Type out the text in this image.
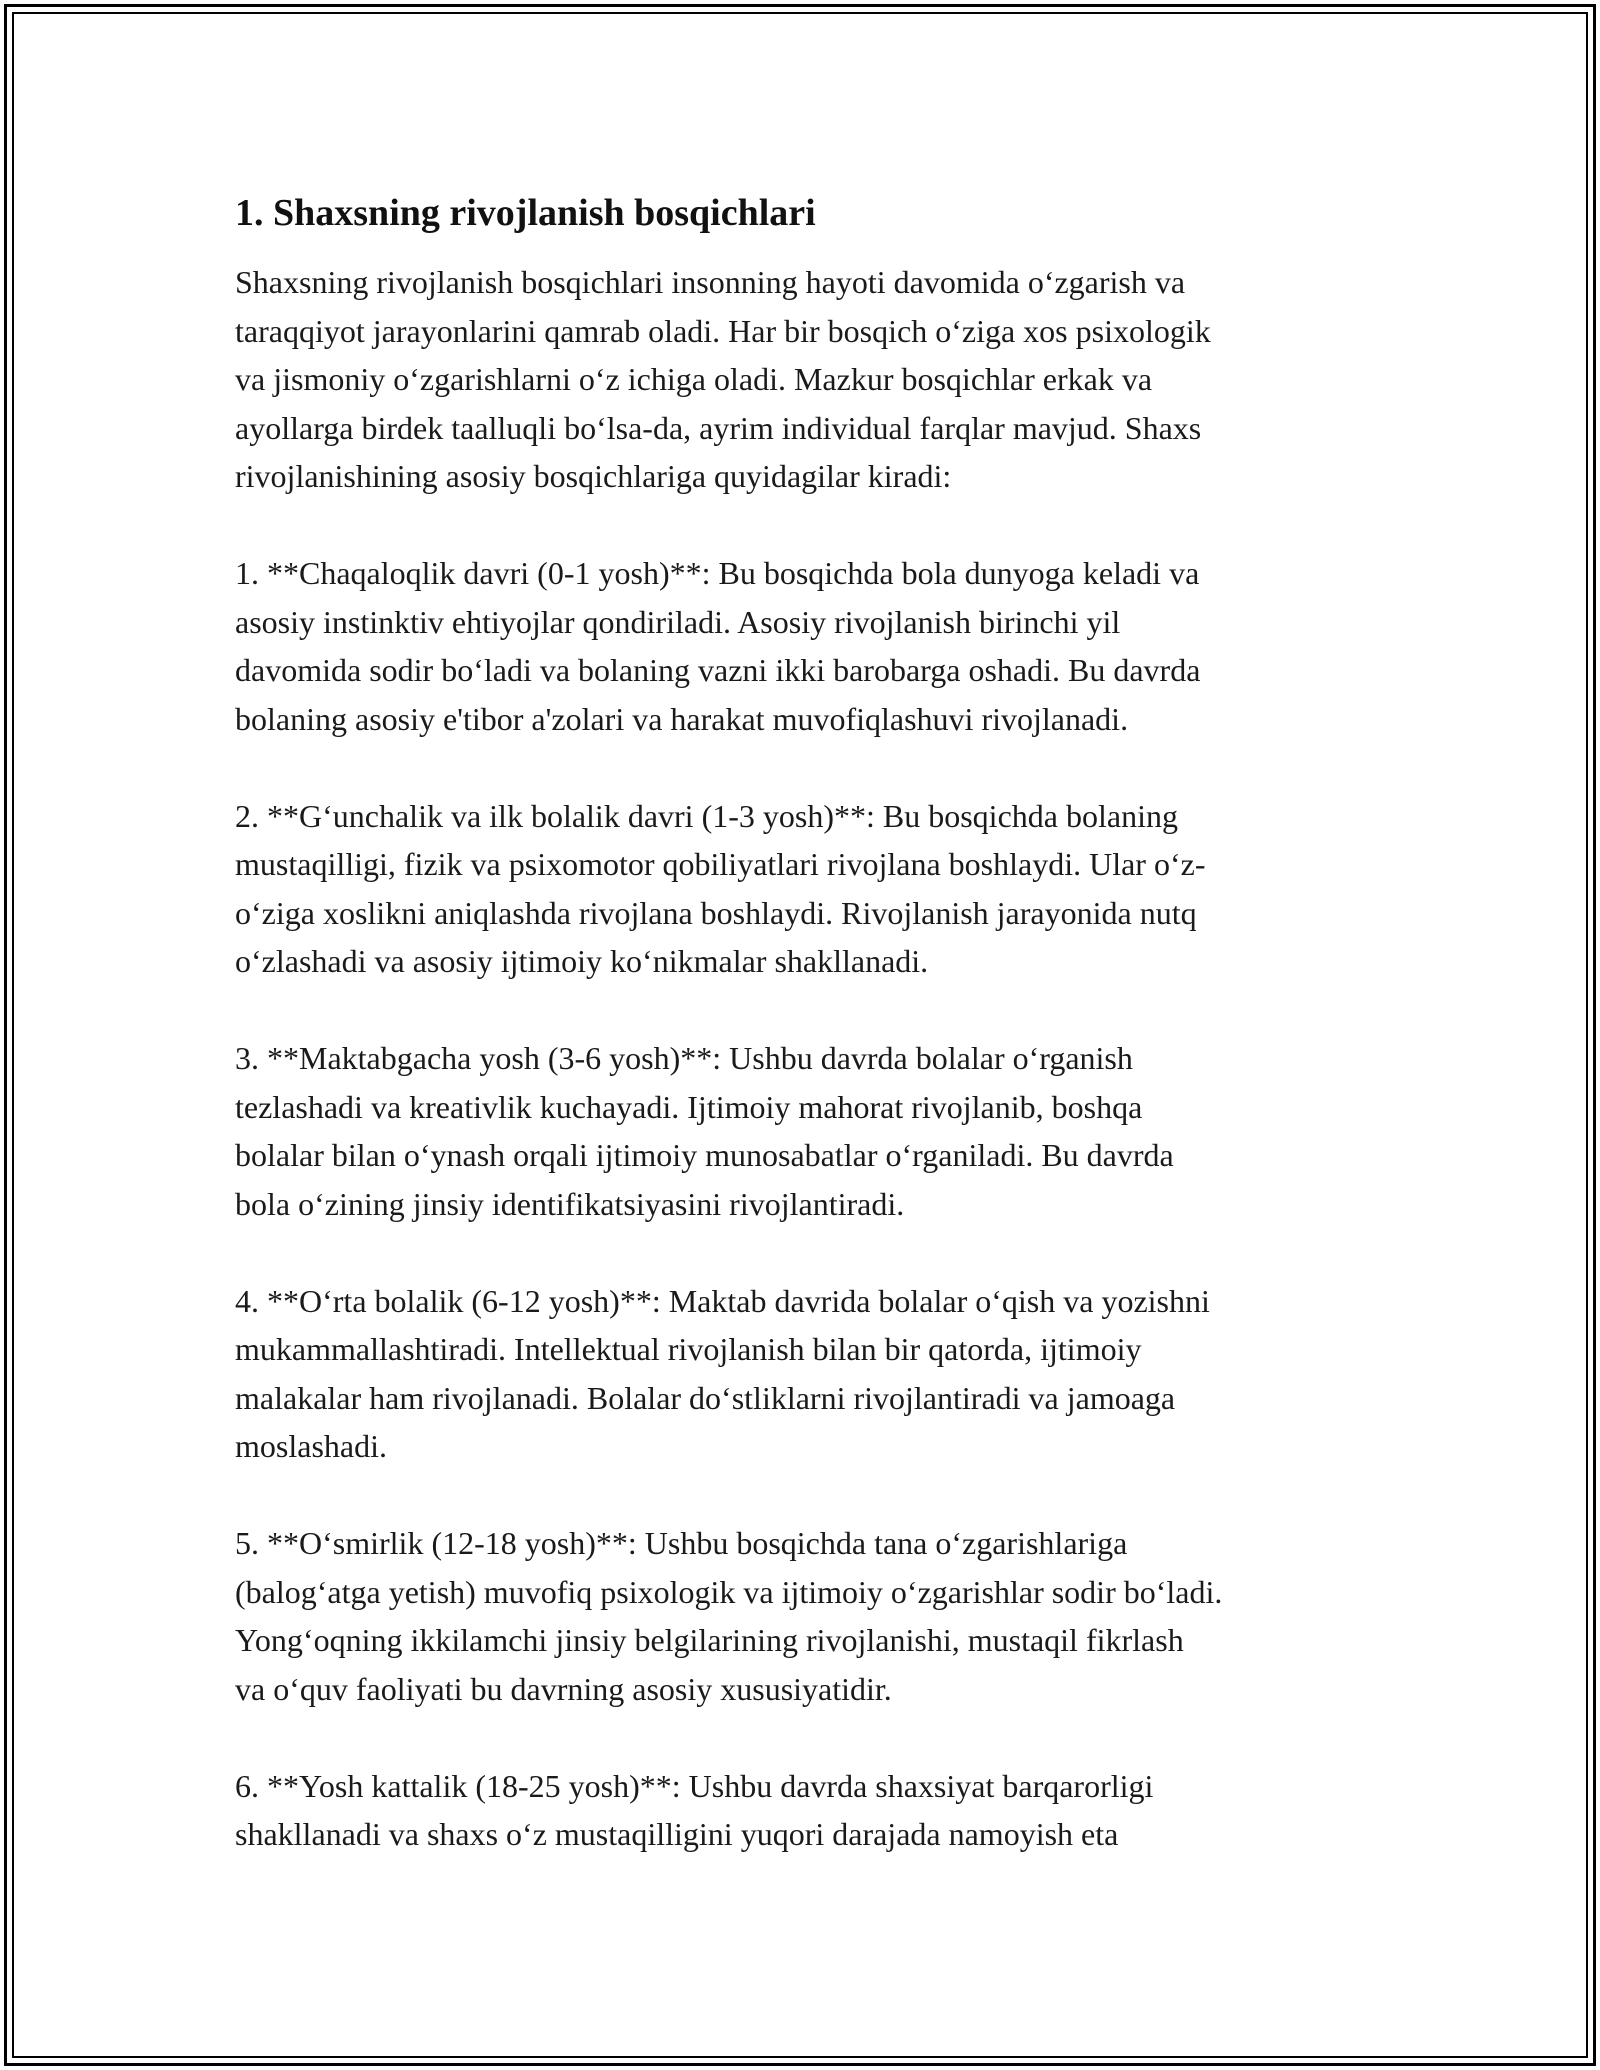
1. Shaxsning rivojlanish bosqichlari

Shaxsning rivojlanish bosqichlari insonning hayoti davomida o‘zgarish va
taraqqiyot jarayonlarini qamrab oladi. Har bir bosqich o‘ziga xos psixologik
va jismoniy o‘zgarishlarni o‘z ichiga oladi. Mazkur bosqichlar erkak va
ayollarga birdek taalluqli bo‘lsa-da, ayrim individual farqlar mavjud. Shaxs
rivojlanishining asosiy bosqichlariga quyidagilar kiradi:

1. **Chaqaloqlik davri (0-1 yosh)**: Bu bosqichda bola dunyoga keladi va
asosiy instinktiv ehtiyojlar qondiriladi. Asosiy rivojlanish birinchi yil
davomida sodir bo‘ladi va bolaning vazni ikki barobarga oshadi. Bu davrda
bolaning asosiy e'tibor a'zolari va harakat muvofiqlashuvi rivojlanadi.

2. **G‘unchalik va ilk bolalik davri (1-3 yosh)**: Bu bosqichda bolaning
mustaqilligi, fizik va psixomotor qobiliyatlari rivojlana boshlaydi. Ular o‘z-
o‘ziga xoslikni aniqlashda rivojlana boshlaydi. Rivojlanish jarayonida nutq
o‘zlashadi va asosiy ijtimoiy ko‘nikmalar shakllanadi.

3. **Maktabgacha yosh (3-6 yosh)**: Ushbu davrda bolalar o‘rganish
tezlashadi va kreativlik kuchayadi. Ijtimoiy mahorat rivojlanib, boshqa
bolalar bilan o‘ynash orqali ijtimoiy munosabatlar o‘rganiladi. Bu davrda
bola o‘zining jinsiy identifikatsiyasini rivojlantiradi.

4. **O‘rta bolalik (6-12 yosh)**: Maktab davrida bolalar o‘qish va yozishni
mukammallashtiradi. Intellektual rivojlanish bilan bir qatorda, ijtimoiy
malakalar ham rivojlanadi. Bolalar do‘stliklarni rivojlantiradi va jamoaga
moslashadi.

5. **O‘smirlik (12-18 yosh)**: Ushbu bosqichda tana o‘zgarishlariga
(balog‘atga yetish) muvofiq psixologik va ijtimoiy o‘zgarishlar sodir bo‘ladi.
Yong‘oqning ikkilamchi jinsiy belgilarining rivojlanishi, mustaqil fikrlash
va o‘quv faoliyati bu davrning asosiy xususiyatidir.

6. **Yosh kattalik (18-25 yosh)**: Ushbu davrda shaxsiyat barqarorligi
shakllanadi va shaxs o‘z mustaqilligini yuqori darajada namoyish eta
